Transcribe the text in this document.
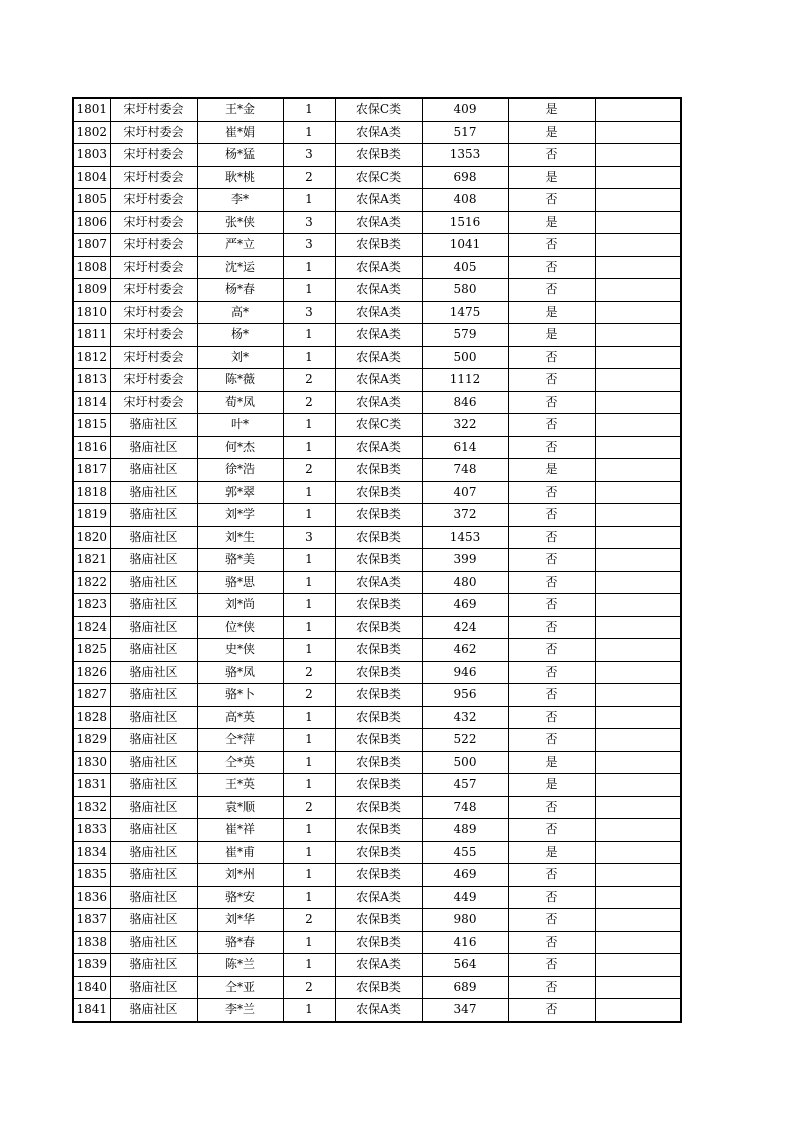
1801	宋圩村委会	王*金	1	农保C类	409	是	
1802	宋圩村委会	崔*娟	1	农保A类	517	是	
1803	宋圩村委会	杨*猛	3	农保B类	1353	否	
1804	宋圩村委会	耿*桃	2	农保C类	698	是	
1805	宋圩村委会	李*	1	农保A类	408	否	
1806	宋圩村委会	张*侠	3	农保A类	1516	是	
1807	宋圩村委会	严*立	3	农保B类	1041	否	
1808	宋圩村委会	沈*运	1	农保A类	405	否	
1809	宋圩村委会	杨*春	1	农保A类	580	否	
1810	宋圩村委会	高*	3	农保A类	1475	是	
1811	宋圩村委会	杨*	1	农保A类	579	是	
1812	宋圩村委会	刘*	1	农保A类	500	否	
1813	宋圩村委会	陈*薇	2	农保A类	1112	否	
1814	宋圩村委会	荀*凤	2	农保A类	846	否	
1815	骆庙社区	叶*	1	农保C类	322	否	
1816	骆庙社区	何*杰	1	农保A类	614	否	
1817	骆庙社区	徐*浩	2	农保B类	748	是	
1818	骆庙社区	郭*翠	1	农保B类	407	否	
1819	骆庙社区	刘*学	1	农保B类	372	否	
1820	骆庙社区	刘*生	3	农保B类	1453	否	
1821	骆庙社区	骆*美	1	农保B类	399	否	
1822	骆庙社区	骆*思	1	农保A类	480	否	
1823	骆庙社区	刘*尚	1	农保B类	469	否	
1824	骆庙社区	位*侠	1	农保B类	424	否	
1825	骆庙社区	史*侠	1	农保B类	462	否	
1826	骆庙社区	骆*凤	2	农保B类	946	否	
1827	骆庙社区	骆*卜	2	农保B类	956	否	
1828	骆庙社区	高*英	1	农保B类	432	否	
1829	骆庙社区	仝*萍	1	农保B类	522	否	
1830	骆庙社区	仝*英	1	农保B类	500	是	
1831	骆庙社区	王*英	1	农保B类	457	是	
1832	骆庙社区	袁*顺	2	农保B类	748	否	
1833	骆庙社区	崔*祥	1	农保B类	489	否	
1834	骆庙社区	崔*甫	1	农保B类	455	是	
1835	骆庙社区	刘*州	1	农保B类	469	否	
1836	骆庙社区	骆*安	1	农保A类	449	否	
1837	骆庙社区	刘*华	2	农保B类	980	否	
1838	骆庙社区	骆*春	1	农保B类	416	否	
1839	骆庙社区	陈*兰	1	农保A类	564	否	
1840	骆庙社区	仝*亚	2	农保B类	689	否	
1841	骆庙社区	李*兰	1	农保A类	347	否	
